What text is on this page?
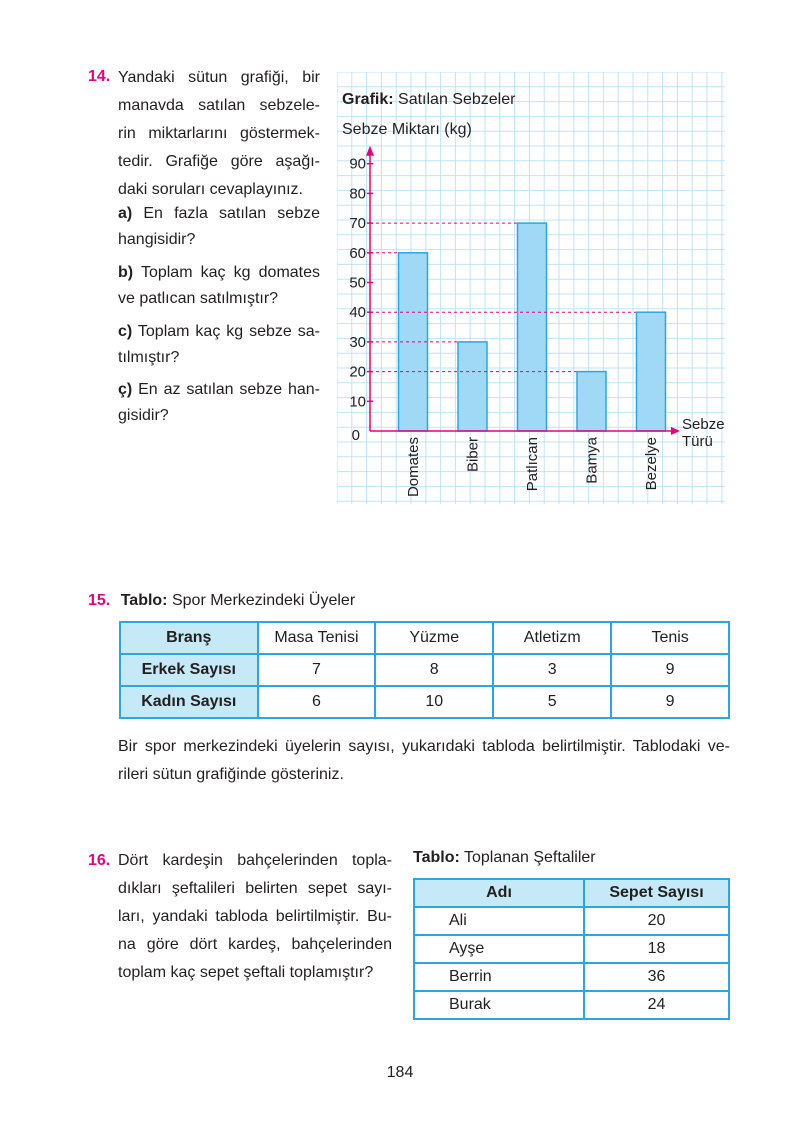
14. Yandaki sütun grafiği, bir
manavda satılan sebzele-
rin miktarlarını göstermek-
tedir. Grafiğe göre aşağı-
daki soruları cevaplayınız.
a) En fazla satılan sebze
hangisidir?
b) Toplam kaç kg domates
ve patlıcan satılmıştır?
c) Toplam kaç kg sebze sa-
tılmıştır?
ç) En az satılan sebze han-
gisidir?
Grafik: Satılan Sebzeler
Sebze Miktarı (kg)
0
10
20
30
40
50
60
70
80
90
Domates	Biber	Patlıcan	Bamya	Bezelye
Sebze
Türü
15. Tablo: Spor Merkezindeki Üyeler
Branş	Masa Tenisi	Yüzme	Atletizm	Tenis
Erkek Sayısı	7	8	3	9
Kadın Sayısı	6	10	5	9
Bir spor merkezindeki üyelerin sayısı, yukarıdaki tabloda belirtilmiştir. Tablodaki ve-
rileri sütun grafiğinde gösteriniz.
16. Dört kardeşin bahçelerinden topla-
dıkları şeftalileri belirten sepet sayı-
ları, yandaki tabloda belirtilmiştir. Bu-
na göre dört kardeş, bahçelerinden
toplam kaç sepet şeftali toplamıştır?
Tablo: Toplanan Şeftaliler
Adı	Sepet Sayısı
Ali	20
Ayşe	18
Berrin	36
Burak	24
184
